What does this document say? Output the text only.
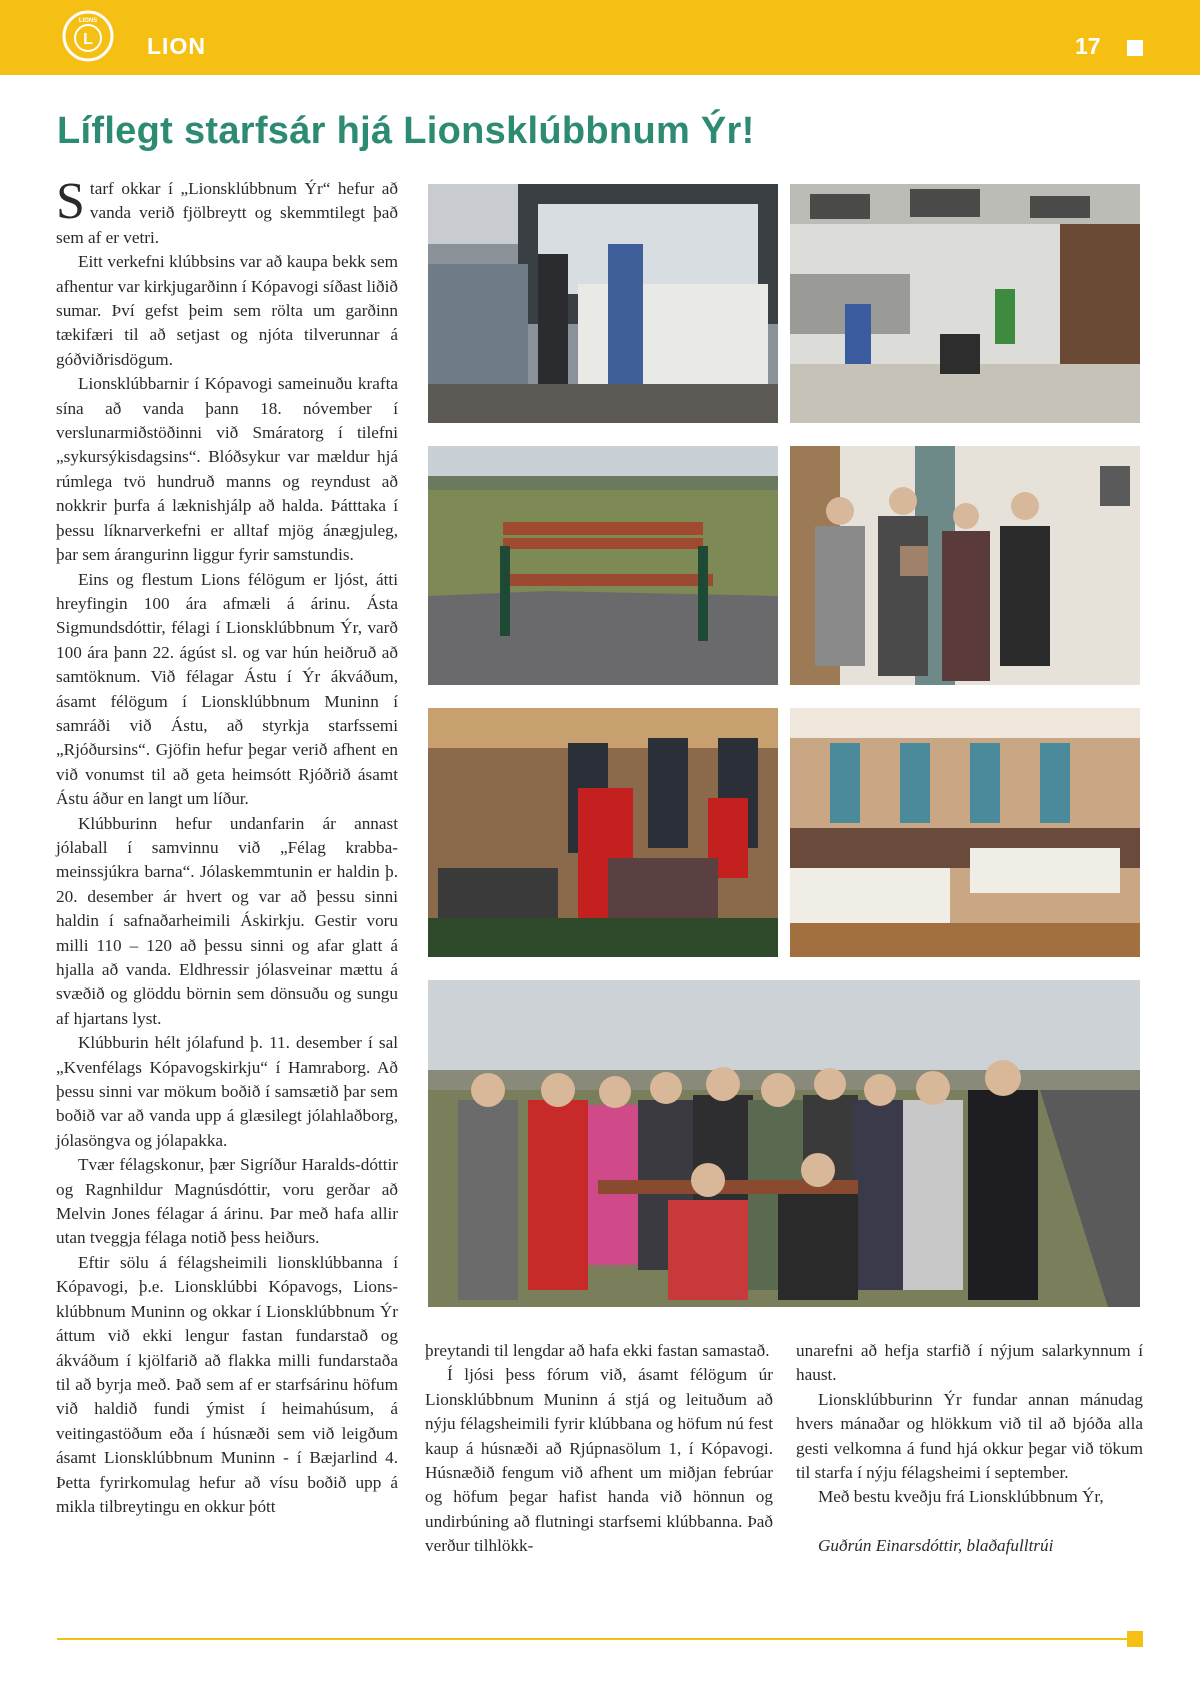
L
LIONS
LION	17
Líflegt starfsár hjá Lionsklúbbnum Ýr!

Starf okkar í „Lionsklúbbnum Ýr“ hefur að vanda verið fjölbreytt og skemmtilegt það sem af er vetri.

Eitt verkefni klúbbsins var að kaupa bekk sem afhentur var kirkjugarðinn í Kópavogi síðast liðið sumar. Því gefst þeim sem rölta um garðinn tækifæri til að setjast og njóta tilverunnar á góðviðrisdögum.

Lionsklúbbarnir í Kópavogi sameinuðu krafta sína að vanda þann 18. nóvember í verslunarmiðstöðinni við Smáratorg í tilefni „sykursýkisdagsins“. Blóðsykur var mældur hjá rúmlega tvö hundruð manns og reyndust að nokkrir þurfa á læknishjálp að halda. Þátttaka í þessu líknarverkefni er alltaf mjög ánægjuleg, þar sem árangurinn liggur fyrir samstundis.

Eins og flestum Lions félögum er ljóst, átti hreyfingin 100 ára afmæli á árinu. Ásta Sigmundsdóttir, félagi í Lionsklúbbnum Ýr, varð 100 ára þann 22. ágúst sl. og var hún heiðruð að samtöknum. Við félagar Ástu í Ýr ákváðum, ásamt félögum í Lionsklúbbnum Muninn í samráði við Ástu, að styrkja starfssemi „Rjóðursins“. Gjöfin hefur þegar verið afhent en við vonumst til að geta heimsótt Rjóðrið ásamt Ástu áður en langt um líður.

Klúbburinn hefur undanfarin ár annast jólaball í samvinnu við „Félag krabba-meinssjúkra barna“. Jólaskemmtunin er haldin þ. 20. desember ár hvert og var að þessu sinni haldin í safnaðarheimili Áskirkju. Gestir voru milli 110 – 120 að þessu sinni og afar glatt á hjalla að vanda. Eldhressir jólasveinar mættu á svæðið og glöddu börnin sem dönsuðu og sungu af hjartans lyst.

Klúbburin hélt jólafund þ. 11. desember í sal „Kvenfélags Kópavogskirkju“ í Hamraborg. Að þessu sinni var mökum boðið í samsætið þar sem boðið var að vanda upp á glæsilegt jólahlaðborg, jólasöngva og jólapakka.

Tvær félagskonur, þær Sigríður Haralds-dóttir og Ragnhildur Magnúsdóttir, voru gerðar að Melvin Jones félagar á árinu. Þar með hafa allir utan tveggja félaga notið þess heiðurs.

Eftir sölu á félagsheimili lionsklúbbanna í Kópavogi, þ.e. Lionsklúbbi Kópavogs, Lions-klúbbnum Muninn og okkar í Lionsklúbbnum Ýr áttum við ekki lengur fastan fundarstað og ákváðum í kjölfarið að flakka milli fundarstaða til að byrja með. Það sem af er starfsárinu höfum við haldið fundi ýmist í heimahúsum, á veitingastöðum eða í húsnæði sem við leigðum ásamt Lionsklúbbnum Muninn - í Bæjarlind 4. Þetta fyrirkomulag hefur að vísu boðið upp á mikla tilbreytingu en okkur þótt

þreytandi til lengdar að hafa ekki fastan samastað.

Í ljósi þess fórum við, ásamt félögum úr Lionsklúbbnum Muninn á stjá og leituðum að nýju félagsheimili fyrir klúbbana og höfum nú fest kaup á húsnæði að Rjúpnasölum 1, í Kópavogi. Húsnæðið fengum við afhent um miðjan febrúar og höfum þegar hafist handa við hönnun og undirbúning að flutningi starfsemi klúbbanna. Það verður tilhlökk-

unarefni að hefja starfið í nýjum salarkynnum í haust.

Lionsklúbburinn Ýr fundar annan mánudag hvers mánaðar og hlökkum við til að bjóða alla gesti velkomna á fund hjá okkur þegar við tökum til starfa í nýju félagsheimi í september.

Með bestu kveðju frá Lionsklúbbnum Ýr,

Guðrún Einarsdóttir, blaðafulltrúi
